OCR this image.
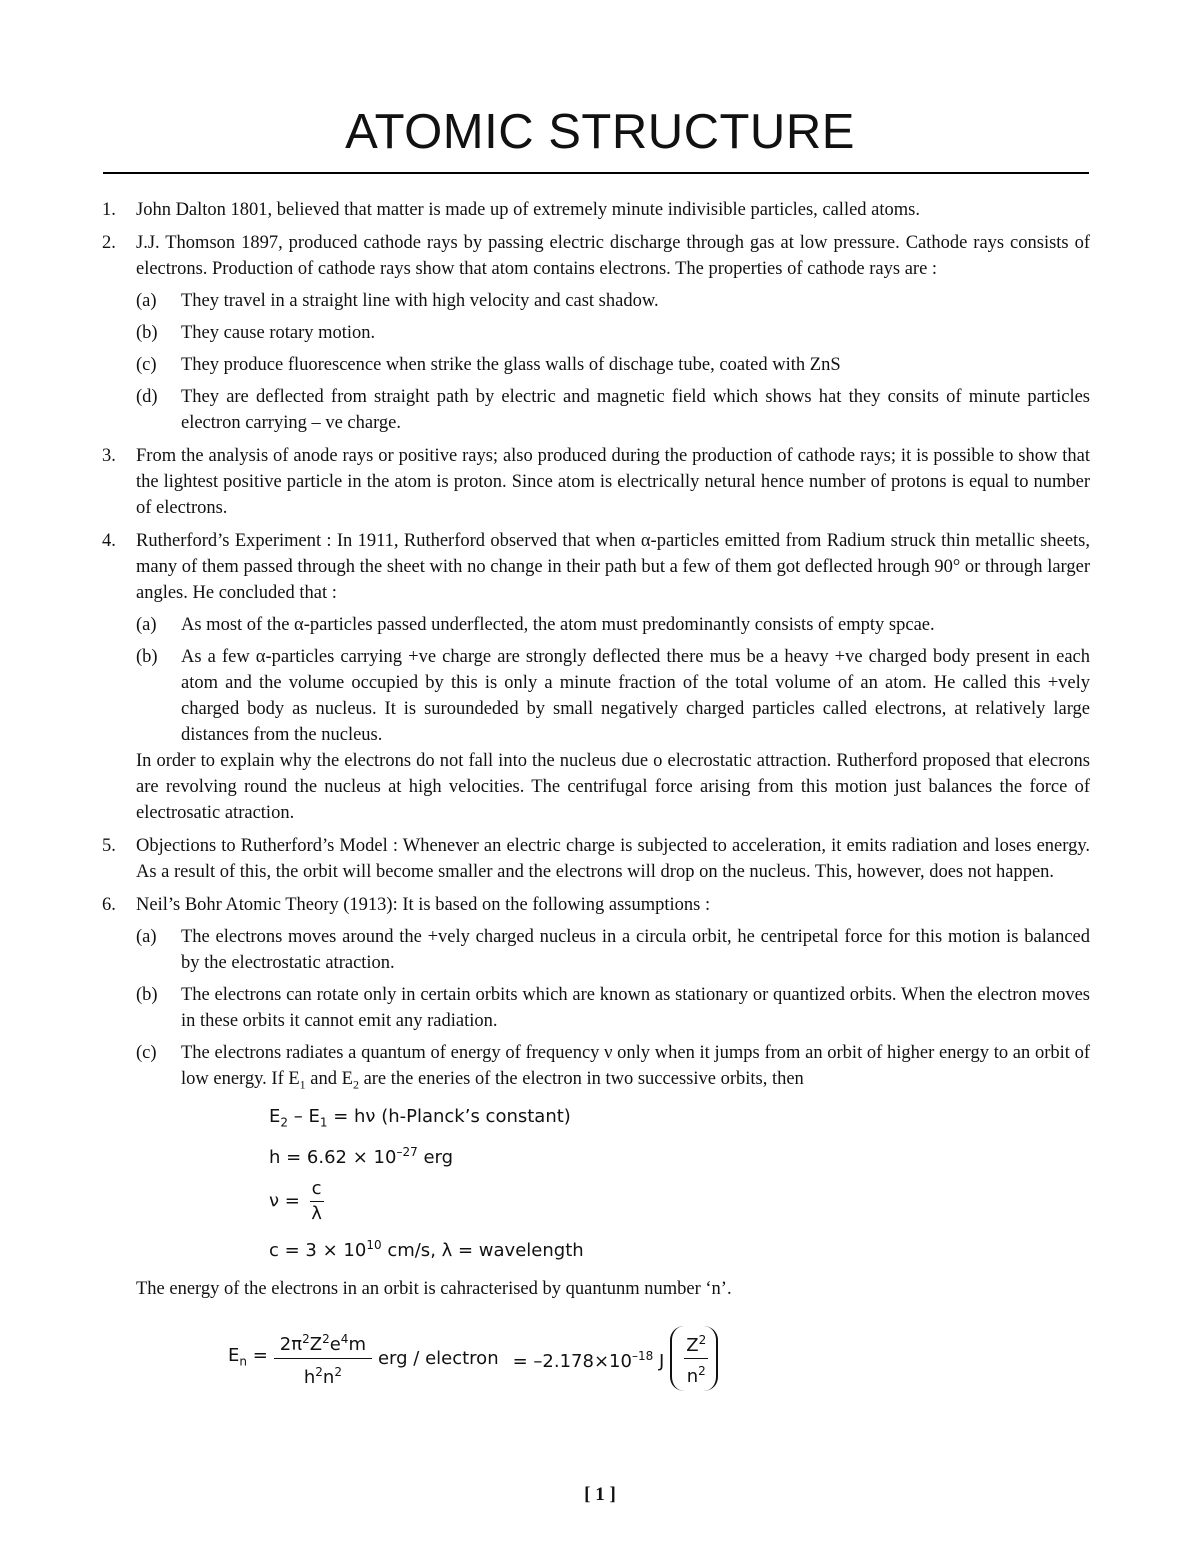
ATOMIC STRUCTURE
1.	John Dalton 1801, believed that matter is made up of extremely minute indivisible particles, called atoms.

2.	J.J. Thomson 1897, produced cathode rays by passing electric discharge through gas at low pressure. Cathode rays consists of electrons. Production of cathode rays show that atom contains electrons. The properties of cathode rays are :

(a)	They travel in a straight line with high velocity and cast shadow.
(b)	They cause rotary motion.
(c)	They produce fluorescence when strike the glass walls of dischage tube, coated with ZnS
(d)	They are deflected from straight path by electric and magnetic field which shows hat they consits of minute particles electron carrying – ve charge.
3.	From the analysis of anode rays or positive rays; also produced during the production of cathode rays; it is possible to show that the lightest positive particle in the atom is proton. Since atom is electrically netural hence number of protons is equal to number of electrons.

4.	Rutherford’s Experiment : In 1911, Rutherford observed that when α-particles emitted from Radium struck thin metallic sheets, many of them passed through the sheet with no change in their path but a few of them got deflected hrough 90° or through larger angles. He concluded that :

(a)	As most of the α-particles passed underflected, the atom must predominantly consists of empty spcae.
(b)	As a few α-particles carrying +ve charge are strongly deflected there mus be a heavy +ve charged body present in each atom and the volume occupied by this is only a minute fraction of the total volume of an atom. He called this +vely charged body as nucleus. It is suroundeded by small negatively charged particles called electrons, at relatively large distances from the nucleus.

In order to explain why the electrons do not fall into the nucleus due o elecrostatic attraction. Rutherford proposed that elecrons are revolving round the nucleus at high velocities. The centrifugal force arising from this motion just balances the force of electrosatic atraction.

5.	Objections to Rutherford’s Model : Whenever an electric charge is subjected to acceleration, it emits radiation and loses energy. As a result of this, the orbit will become smaller and the electrons will drop on the nucleus. This, however, does not happen.

6.	Neil’s Bohr Atomic Theory (1913): It is based on the following assumptions :

(a)	The electrons moves around the +vely charged nucleus in a circula orbit, he centripetal force for this motion is balanced by the electrostatic atraction.
(b)	The electrons can rotate only in certain orbits which are known as stationary or quantized orbits. When the electron moves in these orbits it cannot emit any radiation.
(c)	The electrons radiates a quantum of energy of frequency ν only when it jumps from an orbit of higher energy to an orbit of low energy. If $E_1$ and $E_2$ are the eneries of the electron in two successive orbits, then
$E_2 - E_1 = h\nu$ (h-Planck’s constant)
$h = 6.62 \times 10^{-27}$ erg
$\nu = \frac{c}{\lambda}$
$c = 3 \times 10^{10}$ cm/s, λ = wavelength

The energy of the electrons in an orbit is cahracterised by quantunm number ‘n’.

$E_n = \frac{2\pi^2Z^2e^4m}{h^2n^2}$ erg / electron = $-2.178\times 10^{-18}$ J $\frac{Z^2}{n^2}$
[ 1 ]
